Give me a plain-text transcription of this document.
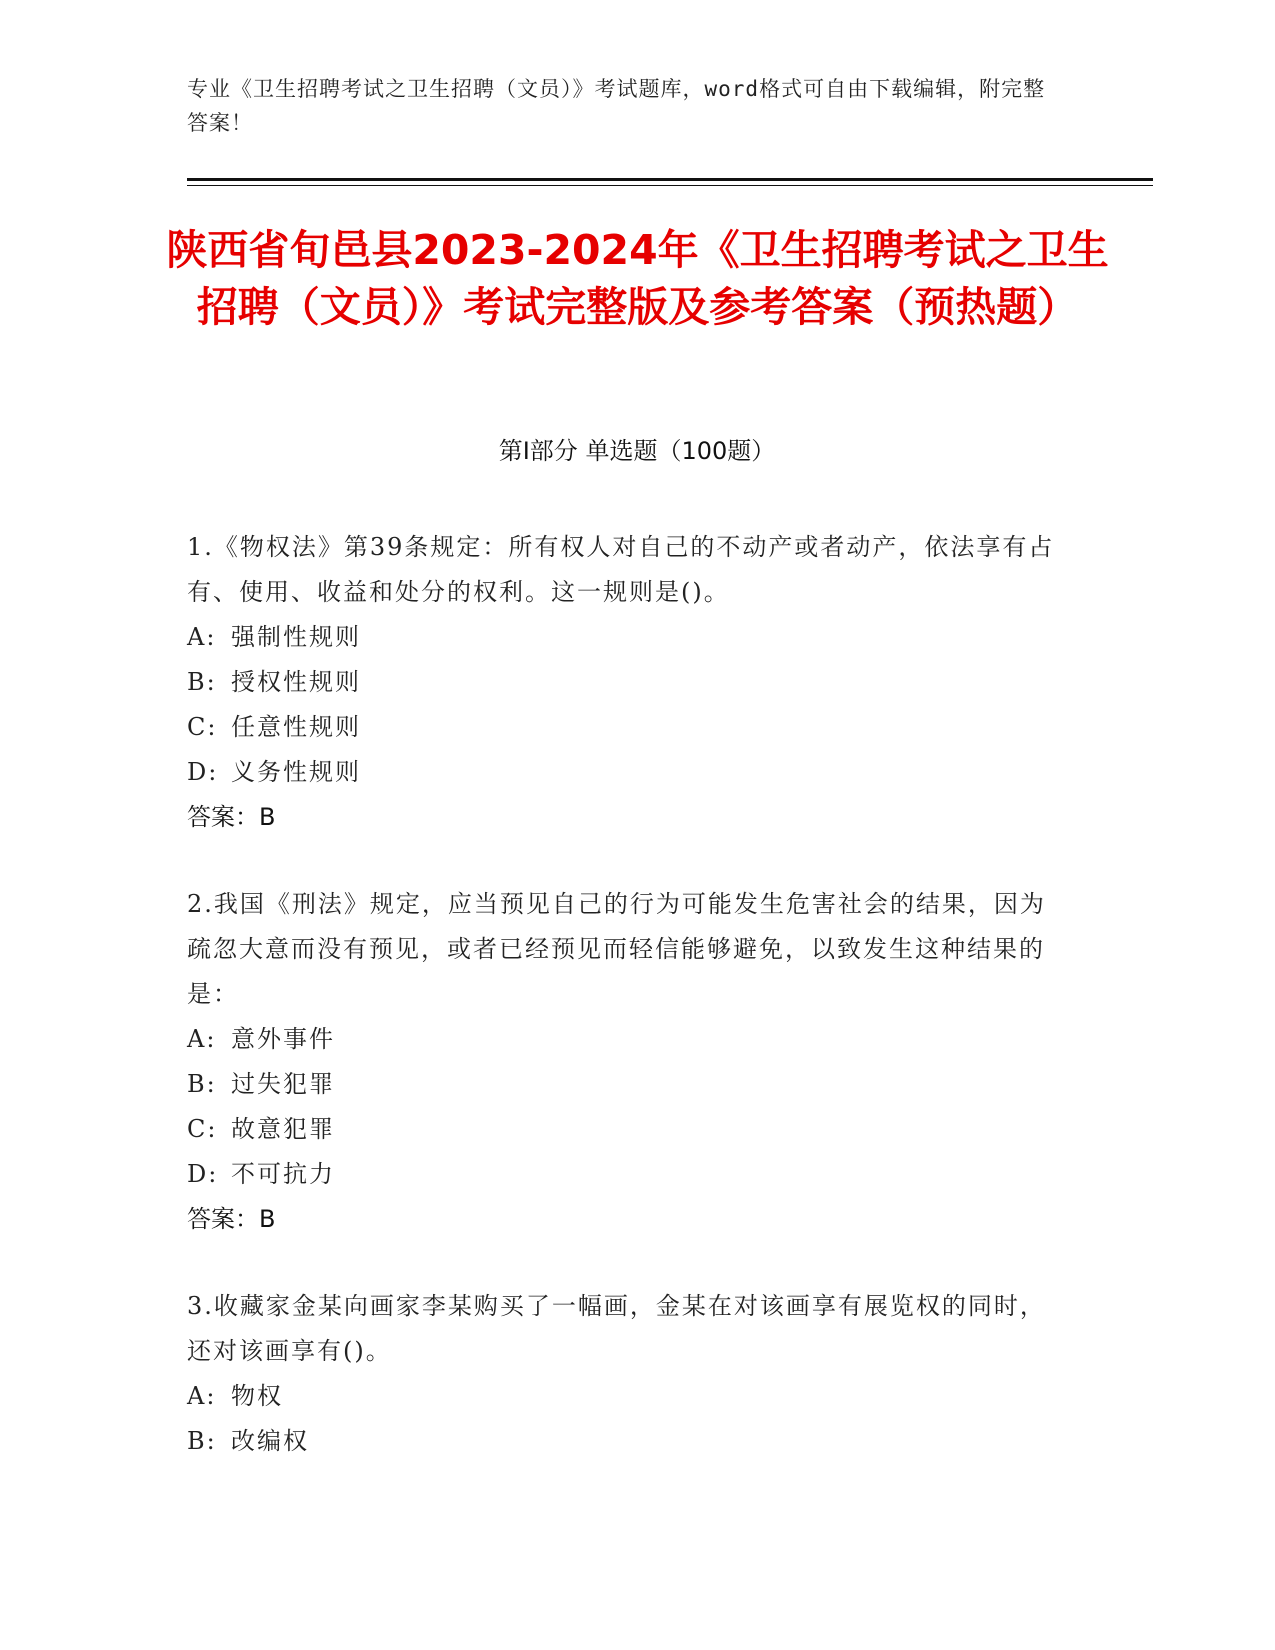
专业《卫生招聘考试之卫生招聘（文员）》考试题库，word格式可自由下载编辑，附完整答案！
陕西省旬邑县2023-2024年《卫生招聘考试之卫生招聘（文员）》考试完整版及参考答案（预热题）
第Ⅰ部分 单选题（100题）

1.《物权法》第39条规定：所有权人对自己的不动产或者动产，依法享有占有、使用、收益和处分的权利。这一规则是()。

A: 强制性规则
B: 授权性规则
C: 任意性规则
D: 义务性规则
答案：B

2.我国《刑法》规定，应当预见自己的行为可能发生危害社会的结果，因为疏忽大意而没有预见，或者已经预见而轻信能够避免，以致发生这种结果的是：

A: 意外事件
B: 过失犯罪
C: 故意犯罪
D: 不可抗力
答案：B

3.收藏家金某向画家李某购买了一幅画，金某在对该画享有展览权的同时，还对该画享有()。

A: 物权
B: 改编权
